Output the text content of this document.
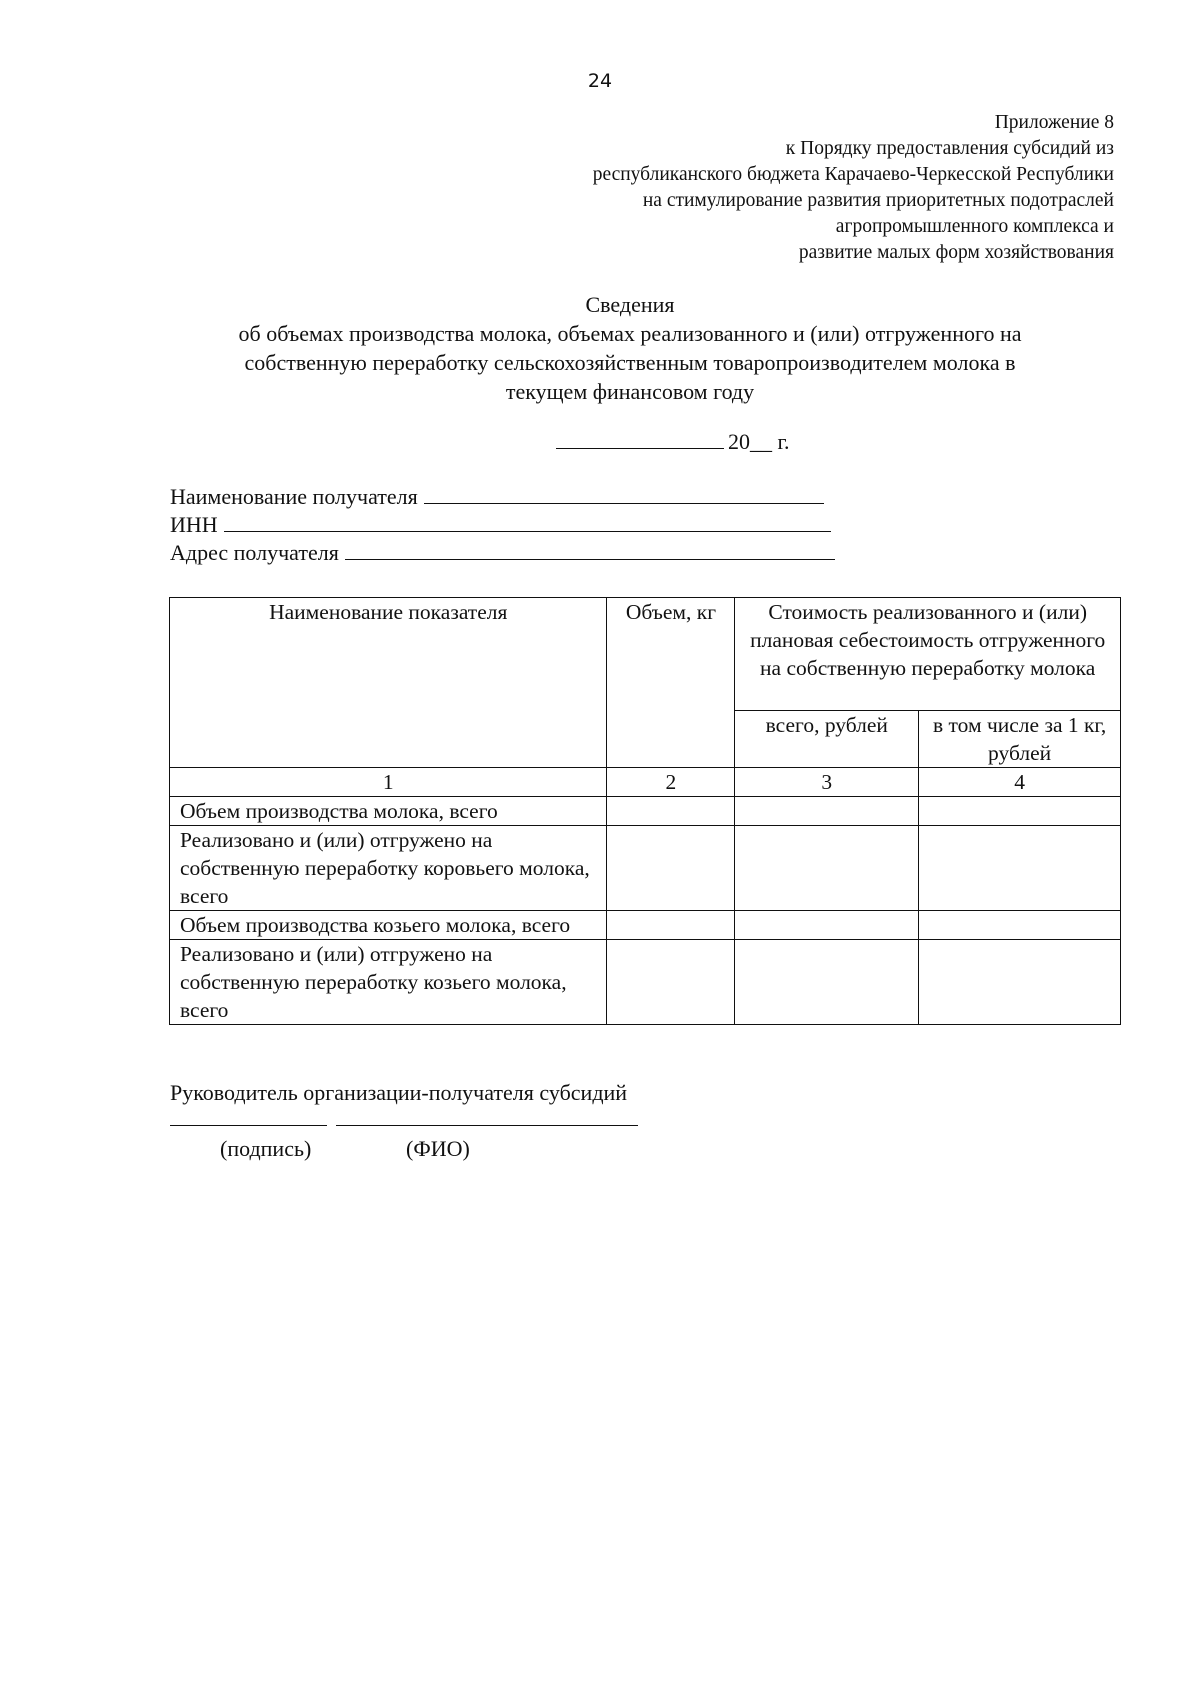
24
Приложение 8
к Порядку предоставления субсидий из
республиканского бюджета Карачаево-Черкесской Республики
на стимулирование развития приоритетных подотраслей
агропромышленного комплекса и
развитие малых форм хозяйствования
Сведения
об объемах производства молока, объемах реализованного и (или) отгруженного на
собственную переработку сельскохозяйственным товаропроизводителем молока в
текущем финансовом году
20__ г.
Наименование получателя
ИНН
Адрес получателя
Наименование показателя	Объем, кг	Стоимость реализованного и (или) плановая себестоимость отгруженного на собственную переработку молока	
		всего, рублей	в том числе за 1 кг, рублей
1	2	3	4
Объем производства молока, всего			
Реализовано и (или) отгружено на собственную переработку коровьего молока, всего			
Объем производства козьего молока, всего			
Реализовано и (или) отгружено на собственную переработку козьего молока, всего			
Руководитель организации-получателя субсидий
(подпись)	(ФИО)
